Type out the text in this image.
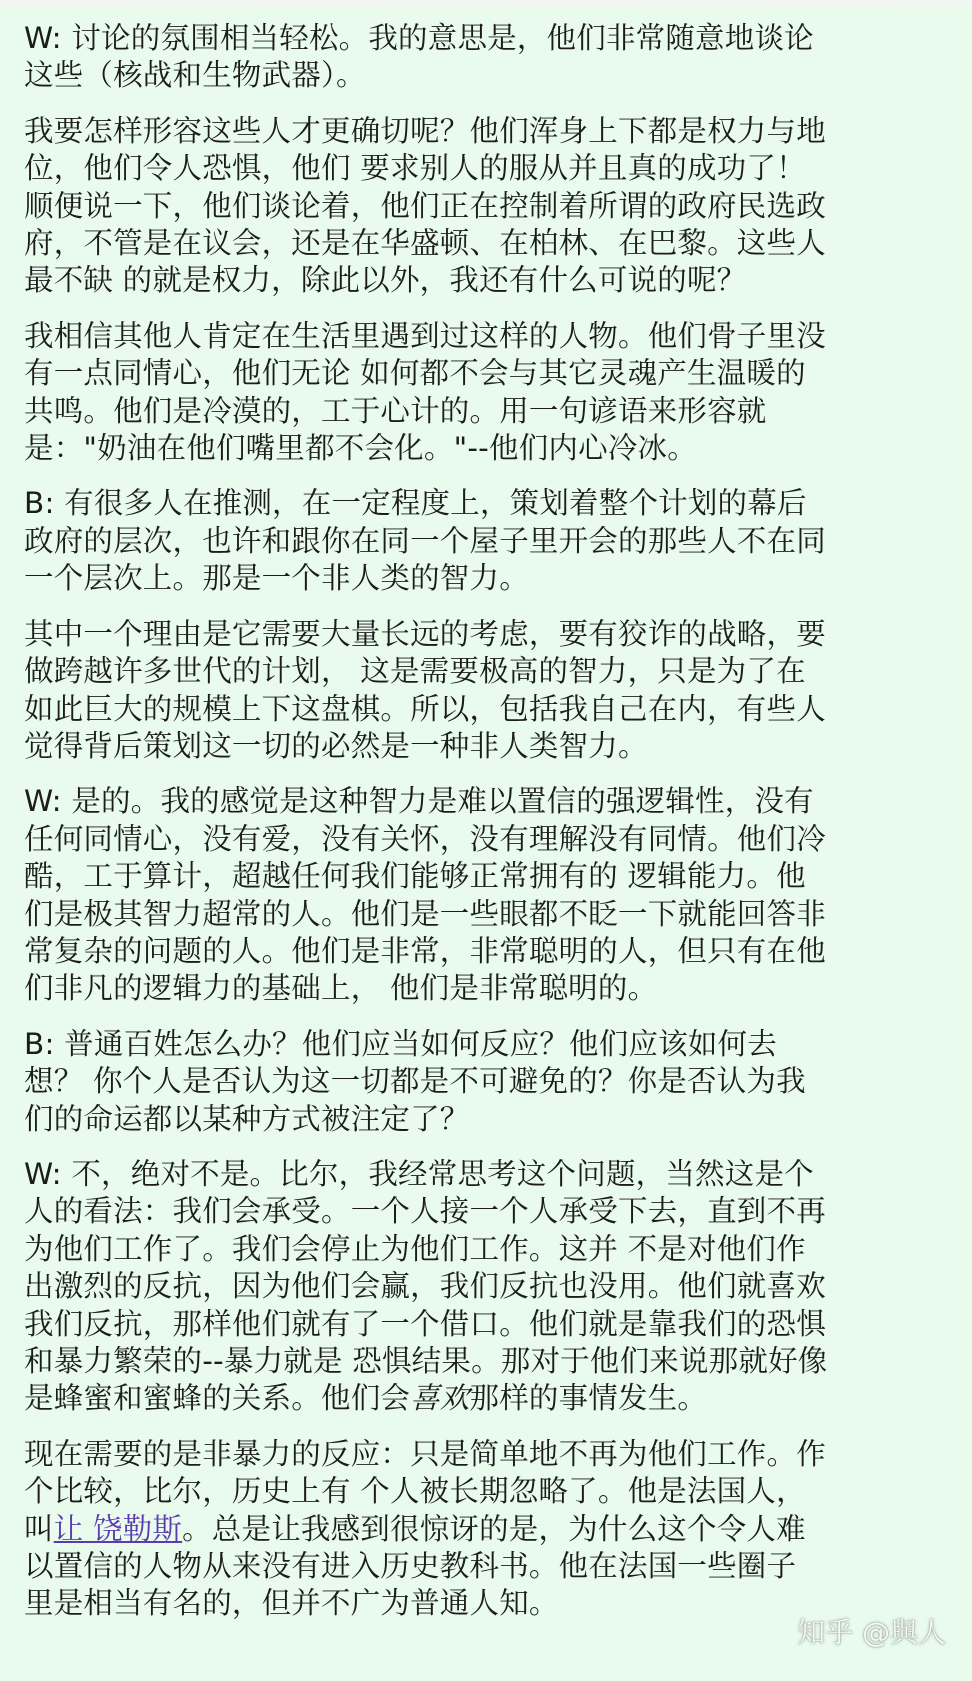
W: 讨论的氛围相当轻松。我的意思是，他们非常随意地谈论
这些（核战和生物武器）。
我要怎样形容这些人才更确切呢？他们浑身上下都是权力与地
位，他们令人恐惧，他们 要求别人的服从并且真的成功了！
顺便说一下，他们谈论着，他们正在控制着所谓的政府民选政
府，不管是在议会，还是在华盛顿、在柏林、在巴黎。这些人
最不缺 的就是权力，除此以外，我还有什么可说的呢？
我相信其他人肯定在生活里遇到过这样的人物。他们骨子里没
有一点同情心，他们无论 如何都不会与其它灵魂产生温暖的
共鸣。他们是冷漠的，工于心计的。用一句谚语来形容就
是："奶油在他们嘴里都不会化。"--他们内心冷冰。
B: 有很多人在推测，在一定程度上，策划着整个计划的幕后
政府的层次，也许和跟你在同一个屋子里开会的那些人不在同
一个层次上。那是一个非人类的智力。
其中一个理由是它需要大量长远的考虑，要有狡诈的战略，要
做跨越许多世代的计划， 这是需要极高的智力，只是为了在
如此巨大的规模上下这盘棋。所以，包括我自己在内，有些人
觉得背后策划这一切的必然是一种非人类智力。
W: 是的。我的感觉是这种智力是难以置信的强逻辑性，没有
任何同情心，没有爱，没有关怀，没有理解没有同情。他们冷
酷，工于算计，超越任何我们能够正常拥有的 逻辑能力。他
们是极其智力超常的人。他们是一些眼都不眨一下就能回答非
常复杂的问题的人。他们是非常，非常聪明的人，但只有在他
们非凡的逻辑力的基础上， 他们是非常聪明的。
B: 普通百姓怎么办？他们应当如何反应？他们应该如何去
想？ 你个人是否认为这一切都是不可避免的？你是否认为我
们的命运都以某种方式被注定了？
W: 不，绝对不是。比尔，我经常思考这个问题，当然这是个
人的看法：我们会承受。一个人接一个人承受下去，直到不再
为他们工作了。我们会停止为他们工作。这并 不是对他们作
出激烈的反抗，因为他们会赢，我们反抗也没用。他们就喜欢
我们反抗，那样他们就有了一个借口。他们就是靠我们的恐惧
和暴力繁荣的--暴力就是 恐惧结果。那对于他们来说那就好像
是蜂蜜和蜜蜂的关系。他们会喜欢那样的事情发生。
现在需要的是非暴力的反应：只是简单地不再为他们工作。作
个比较，比尔，历史上有 个人被长期忽略了。他是法国人，
叫让 饶勒斯。总是让我感到很惊讶的是，为什么这个令人难
以置信的人物从来没有进入历史教科书。他在法国一些圈子
里是相当有名的，但并不广为普通人知。
知乎 @與人
